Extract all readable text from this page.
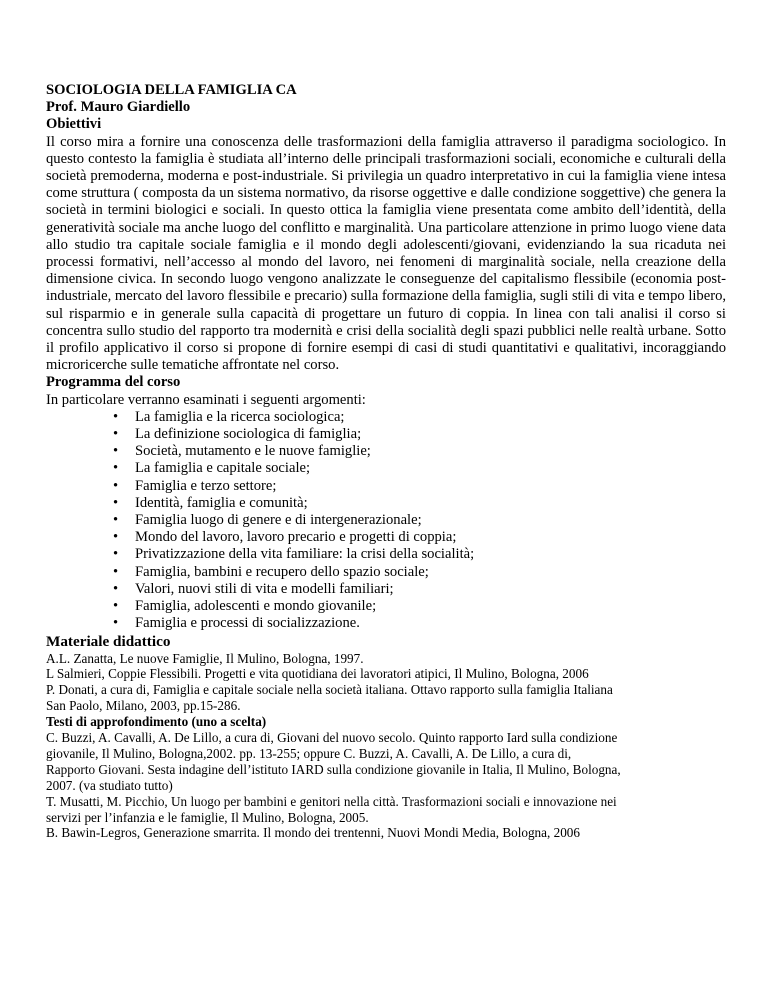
SOCIOLOGIA DELLA FAMIGLIA CA

Prof. Mauro Giardiello

Obiettivi

Il corso mira a fornire una conoscenza delle trasformazioni della famiglia attraverso il paradigma sociologico. In questo contesto la famiglia è studiata all’interno delle principali trasformazioni sociali, economiche e culturali della società premoderna, moderna e post-industriale. Si privilegia un quadro interpretativo in cui la famiglia viene intesa come struttura ( composta da un sistema normativo, da risorse oggettive e dalle condizione soggettive) che genera la società in termini biologici e sociali. In questo ottica la famiglia viene presentata come ambito dell’identità, della generatività sociale ma anche luogo del conflitto e marginalità. Una particolare attenzione in primo luogo viene data allo studio tra capitale sociale famiglia e il mondo degli adolescenti/giovani, evidenziando la sua ricaduta nei processi formativi, nell’accesso al mondo del lavoro, nei fenomeni di marginalità sociale, nella creazione della dimensione civica. In secondo luogo vengono analizzate le conseguenze del capitalismo flessibile (economia post-industriale, mercato del lavoro flessibile e precario) sulla formazione della famiglia, sugli stili di vita e tempo libero, sul risparmio e in generale sulla capacità di progettare un futuro di coppia. In linea con tali analisi il corso si concentra sullo studio del rapporto tra modernità e crisi della socialità degli spazi pubblici nelle realtà urbane. Sotto il profilo applicativo il corso si propone di fornire esempi di casi di studi quantitativi e qualitativi, incoraggiando microricerche sulle tematiche affrontate nel corso.

Programma del corso

In particolare verranno esaminati i seguenti argomenti:

• La famiglia e la ricerca sociologica;
• La definizione sociologica di famiglia;
• Società, mutamento e le nuove famiglie;
• La famiglia e capitale sociale;
• Famiglia e terzo settore;
• Identità, famiglia e comunità;
• Famiglia luogo di genere e di intergenerazionale;
• Mondo del lavoro, lavoro precario e progetti di coppia;
• Privatizzazione della vita familiare: la crisi della socialità;
• Famiglia, bambini e recupero dello spazio sociale;
• Valori, nuovi stili di vita e modelli familiari;
• Famiglia, adolescenti e mondo giovanile;
• Famiglia e processi di socializzazione.

Materiale didattico

A.L. Zanatta, Le nuove Famiglie, Il Mulino, Bologna, 1997.

L Salmieri, Coppie Flessibili. Progetti e vita quotidiana dei lavoratori atipici, Il Mulino, Bologna, 2006

P. Donati, a cura di, Famiglia e capitale sociale nella società italiana. Ottavo rapporto sulla famiglia Italiana

San Paolo, Milano, 2003, pp.15-286.

Testi di approfondimento (uno a scelta)

C. Buzzi, A. Cavalli, A. De Lillo, a cura di, Giovani del nuovo secolo. Quinto rapporto Iard sulla condizione

giovanile, Il Mulino, Bologna,2002. pp. 13-255; oppure C. Buzzi, A. Cavalli, A. De Lillo, a cura di,

Rapporto Giovani. Sesta indagine dell’istituto IARD sulla condizione giovanile in Italia, Il Mulino, Bologna,

2007. (va studiato tutto)

T. Musatti, M. Picchio, Un luogo per bambini e genitori nella città. Trasformazioni sociali e innovazione nei

servizi per l’infanzia e le famiglie, Il Mulino, Bologna, 2005.

B. Bawin-Legros, Generazione smarrita. Il mondo dei trentenni, Nuovi Mondi Media, Bologna, 2006
